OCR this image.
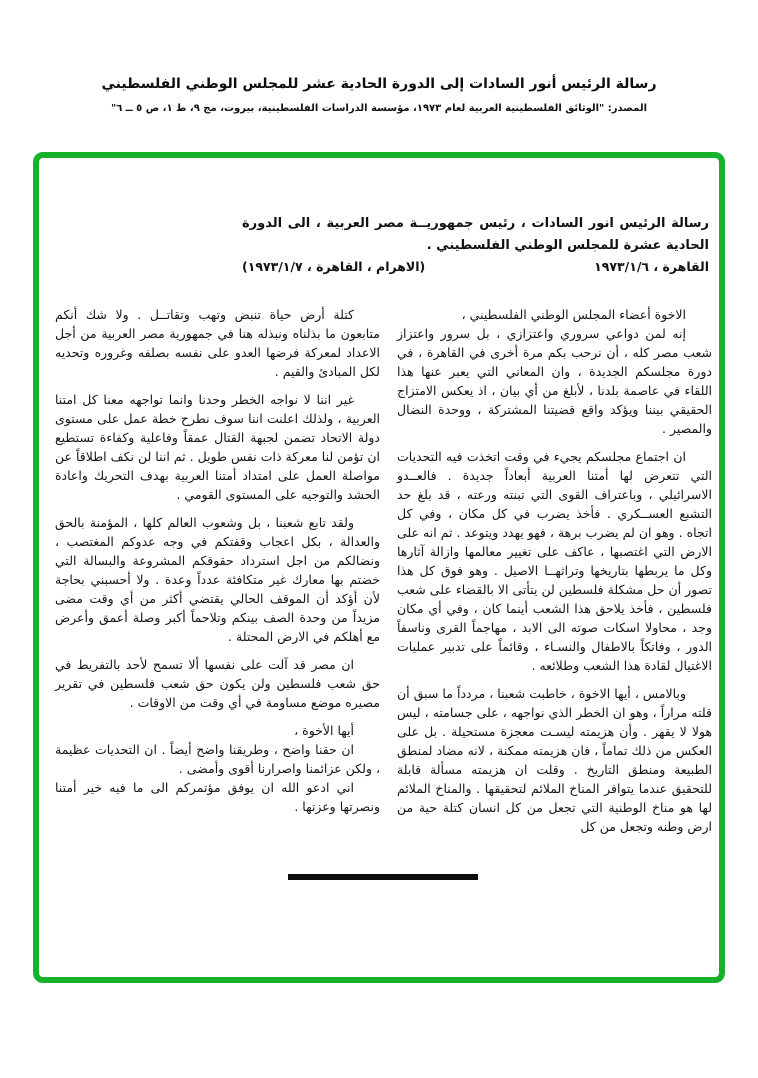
رسالة الرئيس أنور السادات إلى الدورة الحادية عشر للمجلس الوطني الفلسطيني
المصدر: "الوثائق الفلسطينية العربية لعام ١٩٧٣، مؤسسة الدراسات الفلسطينية، بيروت، مج ٩، ط ١، ص ٥ ــ ٦"
رسالة الرئيس انور السادات ، رئيس جمهوريــة مصر العربية ، الى الدورة الحادية عشرة للمجلس الوطني الفلسطيني .
القاهرة ، ١٩٧٣/١/٦
(الاهرام ، القاهرة ، ١٩٧٣/١/٧)

الاخوة أعضاء المجلس الوطني الفلسطيني ،

إنه لمن دواعي سروري واعتزازي ، بل سرور واعتزاز شعب مصر كله ، أن نرحب بكم مرة أخرى في القاهرة ، في دورة مجلسكم الجديدة ، وان المعاني التي يعبر عنها هذا اللقاء في عاصمة بلدنا ، لأبلغ من أي بيان ، اذ يعكس الامتزاج الحقيقي بيننا ويؤكد واقع قضيتنا المشتركة ، ووحدة النضال والمصير .

ان اجتماع مجلسكم يجيء في وقت اتخذت فيه التحديات التي تتعرض لها أمتنا العربية أبعاداً جديدة . فالعــدو الاسرائيلي ، وباعتراف القوى التي تبنته ورعته ، قد بلغ حد التشبع العســكري . فأخذ يضرب في كل مكان ، وفي كل اتجاه . وهو ان لم يضرب برهة ، فهو يهدد ويتوعد . ثم انه على الارض التي اغتصبها ، عاكف على تغيير معالمها وازالة آثارها وكل ما يربطها بتاريخها وتراثهــا الاصيل . وهو فوق كل هذا تصور أن حل مشكلة فلسطين لن يتأتى الا بالقضاء على شعب فلسطين ، فأخذ يلاحق هذا الشعب أينما كان ، وفي أي مكان وجد ، محاولا اسكات صوته الى الابد ، مهاجماً القرى وناسفاً الدور ، وفاتكاً بالاطفال والنسـاء ، وقائماً على تدبير عمليات الاغتيال لقادة هذا الشعب وطلائعه .

وبالامس ، أيها الاخوة ، خاطبت شعبنا ، مردداً ما سبق أن قلته مراراً ، وهو ان الخطر الذي نواجهه ، على جسامته ، ليس هولا لا يقهر . وأن هزيمته ليسـت معجزة مستحيلة . بل على العكس من ذلك تماماً ، فان هزيمته ممكنة ، لانه مضاد لمنطق الطبيعة ومنطق التاريخ . وقلت ان هزيمته مسألة قابلة للتحقيق عندما يتوافر المناخ الملائم لتحقيقها . والمناخ الملائم لها هو مناخ الوطنية التي تجعل من كل انسان كتلة حية من ارض وطنه وتجعل من كل

كتلة أرض حياة تنبض وتهب وتقاتــل . ولا شك أنكم متابعون ما بذلناه ونبذله هنا في جمهورية مصر العربية من أجل الاعداد لمعركة فرضها العدو على نفسه بصلفه وغروره وتحديه لكل المبادئ والقيم .

غير اننا لا نواجه الخطر وحدنا وانما تواجهه معنا كل امتنا العربية ، ولذلك اعلنت اننا سوف نطرح خطة عمل على مستوى دولة الاتحاد تضمن لجبهة القتال عمقاً وفاعلية وكفاءة تستطيع ان تؤمن لنا معركة ذات نفس طويل . ثم اننا لن نكف اطلاقاً عن مواصلة العمل على امتداد أمتنا العربية بهدف التحريك واعادة الحشد والتوجيه على المستوى القومي .

ولقد تابع شعبنا ، بل وشعوب العالم كلها ، المؤمنة بالحق والعدالة ، بكل اعجاب وقفتكم في وجه عدوكم المغتصب ، ونضالكم من اجل استرداد حقوقكم المشروعة والبسالة التي خضتم بها معارك غير متكافئة عدداً وعدة . ولا أحسبني بحاجة لأن أؤكد أن الموقف الحالي يقتضي أكثر من أي وقت مضى مزيداً من وحدة الصف بينكم وتلاحماً أكبر وصلة أعمق وأعرض مع أهلكم في الارض المحتلة .

ان مصر قد آلت على نفسها ألا تسمح لأحد بالتفريط في حق شعب فلسطين ولن يكون حق شعب فلسطين في تقرير مصيره موضع مساومة في أي وقت من الاوقات .

أيها الأخوة ،

ان حقنا واضح ، وطريقنا واضح أيضاً . ان التحديات عظيمة ، ولكن عزائمنا واصرارنا أقوى وأمضى .

اني ادعو الله ان يوفق مؤتمركم الى ما فيه خير أمتنا ونصرتها وعزتها .
